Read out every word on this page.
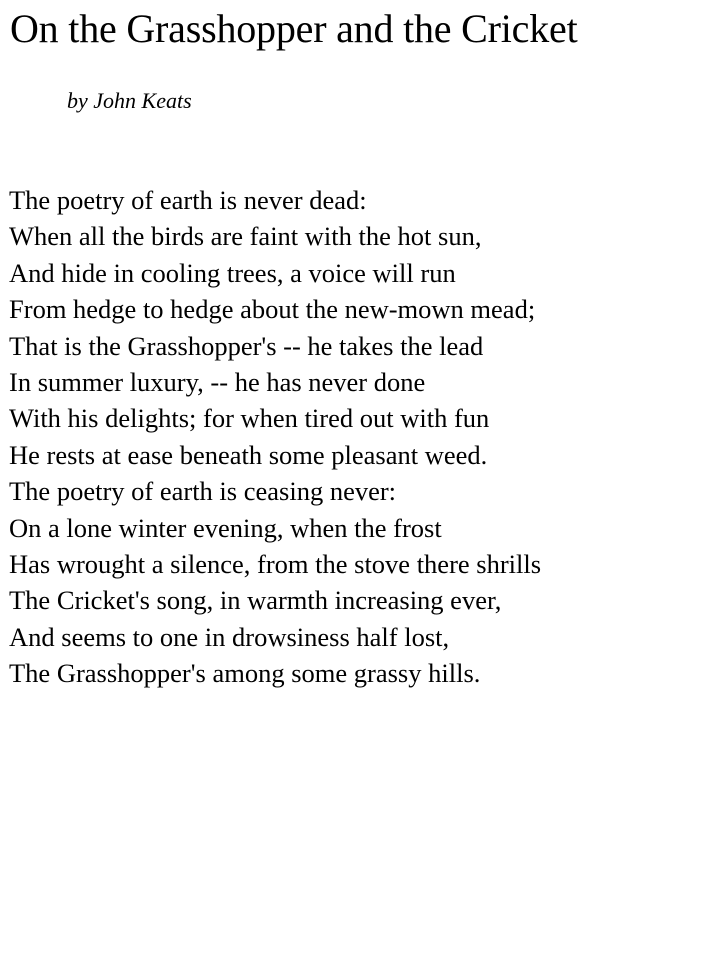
On the Grasshopper and the Cricket

by John Keats

The poetry of earth is never dead:
When all the birds are faint with the hot sun,
And hide in cooling trees, a voice will run
From hedge to hedge about the new-mown mead;
That is the Grasshopper's -- he takes the lead
In summer luxury, -- he has never done
With his delights; for when tired out with fun
He rests at ease beneath some pleasant weed.
The poetry of earth is ceasing never:
On a lone winter evening, when the frost
Has wrought a silence, from the stove there shrills
The Cricket's song, in warmth increasing ever,
And seems to one in drowsiness half lost,
The Grasshopper's among some grassy hills.
